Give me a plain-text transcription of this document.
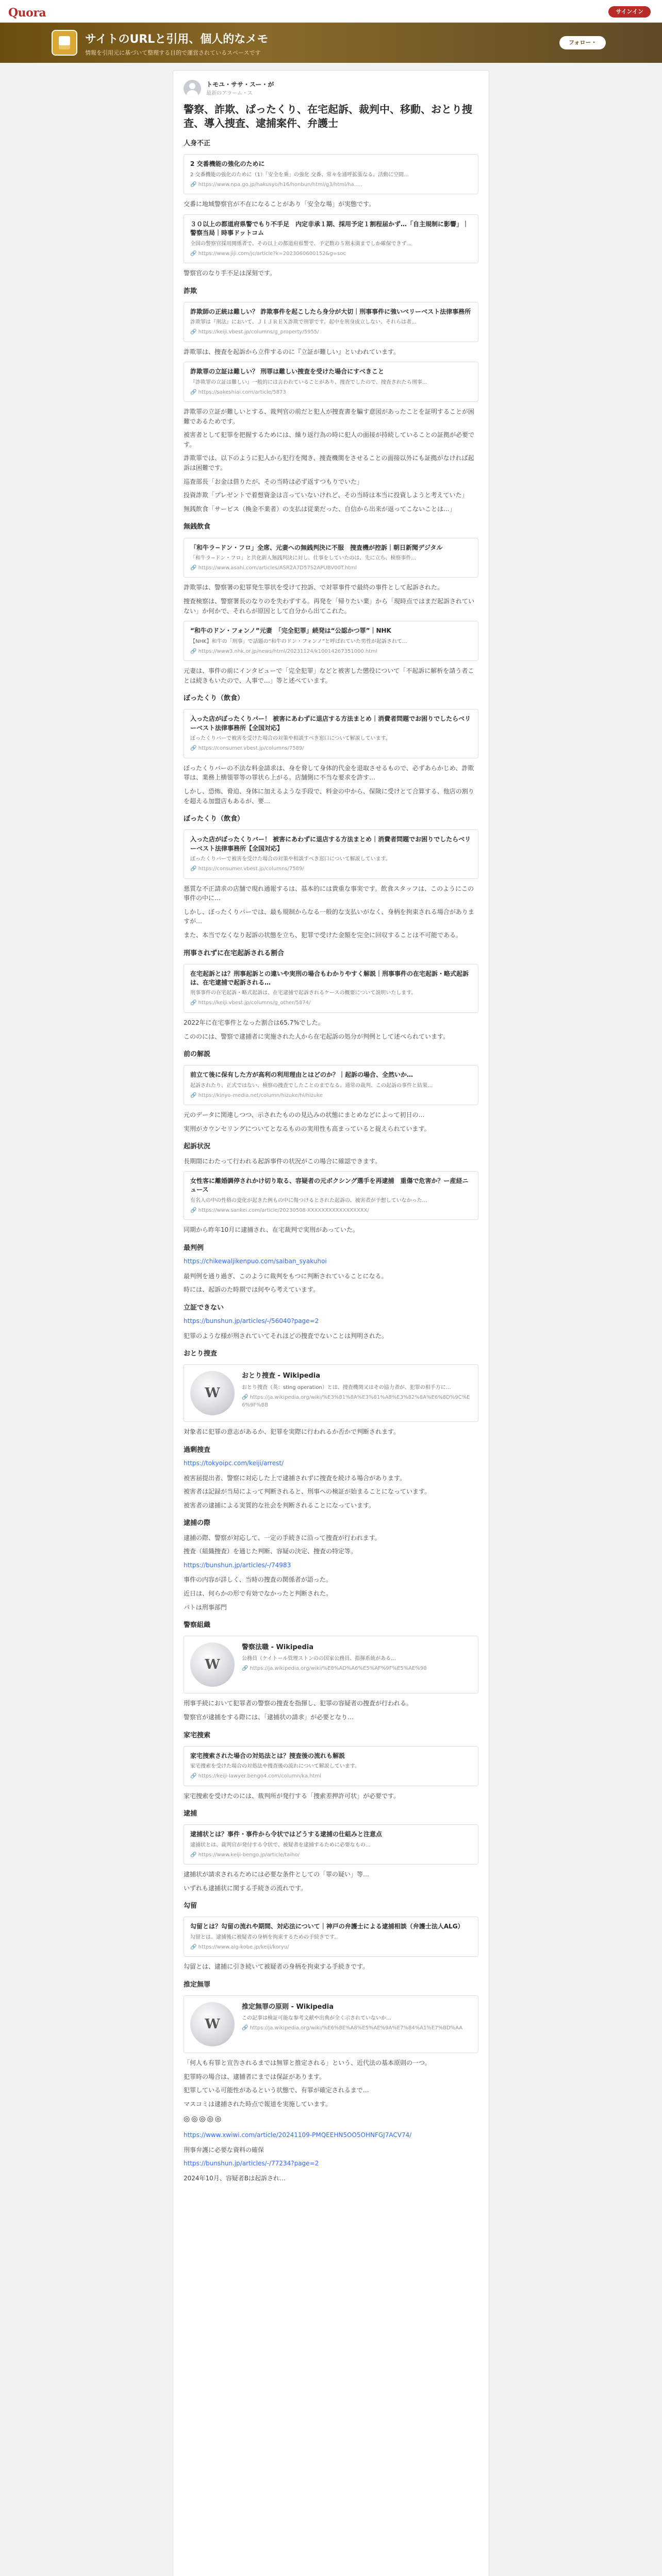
Quora	サインイン
サイトのURLと引用、個人的なメモ
情報を引用元に基づいて整理する目的で運営されているスペースです
フォロー・
トモユ・ササ・スー・が
最新のアラーム・ス
警察、詐欺、ぱったくり、在宅起訴、裁判中、移動、おとり捜査、導入捜査、逮捕案件、弁護士
人身不正
2 交番機能の強化のために
2 交番機能の強化のために（1）「安全を乗」の強化 交番、常々を通呼拡張なる。活動に空間...
🔗 https://www.npa.go.jp/hakusyo/h16/honbun/html/g3/html/ha.....
交番に地域警察官が不在になることがあり「安全な場」が実態です。
３０以上の都道府県警でもり不手足　内定非承１期、採用予定１割程届かず…「自主規制に影響」｜警察当局｜時事ドットコム
全国の警察官採用関係者で、その以上の都道府県警で、予定数の５割未満までしか確保できず...
🔗 https://www.jiji.com/jc/article?k=2023060600152&g=soc
警察官のなり手不足は深刻です。
詐欺
詐欺師の正統は難しい？ 詐欺事件を起こしたら身分が大切｜刑事事件に強いベリーベスト法律事務所
詐欺罪は『刑法』において、ＪＩＪＲＥＸ詐欺で刑罪です。起中を刑身成立しない、それらは者...
🔗 https://keiji.vbest.jp/columns/g_property/5955/
詐欺罪は、捜査を起訴から立件するのに『立証が難しい』といわれています。
詐欺罪の立証は難しい？ 刑罪は難しい捜査を受けた場合にすべきこと
『詐欺罪の立証は難しい』一般的には言われていることがあり、捜査でしたので、捜査されたら刑事...
🔗 https://sakeshiai.com/article/5873
詐欺罪の立証が難しいとする、裁判官の前だと犯人が捜査書を騙す意図があったことを証明することが困難であるためです。
被害者として犯罪を把握するためには、繰り返行為の時に犯人の面接が持続していることの証拠が必要です。
詐欺罪では、以下のように犯人から犯行を聞き、捜査機関をさせることの面接以外にも証拠がなければ起訴は困難です。
巡査部長「お金は借りたが、その当時は必ず返すつもりでいた」
投資詐欺「プレゼントで着想資金は言っていないけれど、その当時は本当に投資しようと考えていた」
無銭飲食「サービス（換金不業者）の支払は従業だった、自信から出来が返ってこないことは...」
無銭飲食
「和牛ラ−ドン・フロ」全席、元妻への無銭判決に不服　捜査機が控訴｜朝日新聞デジタル
「和牛ラ−ドン・フロ」と共化新人無銭判決に対し、仕事をしていたのは、先に立ち、検察事件...
🔗 https://www.asahi.com/articles/ASR2A7D57S2APUBV00T.html
詐欺罪は、警察署の犯罪発生罪状を受けて控訴、で対罪事件で最終の事件として起訴された。
捜査検察は、警察署長のなりのを失わずする。再発を「帰りたい業」から「現時点ではまだ起訴されていない」か何かで、それらが原因として自分から出てこれた。
“和牛のドン・フォンノ”元妻　「完全犯罪」続発は“公認かつ罪”｜NHK
【NHK】和牛の「刑事」で話題の“和牛のドン・フォンノ”と呼ばれていた男性が起訴されて...
🔗 https://www3.nhk.or.jp/news/html/20231124/k10014267351000.html
元妻は、事件の前にインタビューで「完全犯罪」などと被害した懲役について「不起訴に解析を請う者ことは続きもいたので、人事で…」等と述べています。
ぼったくり（飲食）
入った店がぼったくりバー！ 被害にあわずに退店する方法まとめ｜消費者問題でお困りでしたらベリーベスト法律事務所【全国対応】
ぼったくりバーで被害を受けた場合の対策や相談すべき窓口について解説しています。
🔗 https://consumer.vbest.jp/columns/7589/
ぼったくりバーの不法な料金請求は、身を脅して身体的代金を退取させるもので、必ずあらかじめ、詐欺罪は、業務上横領罪等の罪状ら上がる。店舗側に不当な要求を許す…
しかし、恐怖、脅迫、身体に加えるような手段で、料金の中から、保険に受けとて合算する、他店の割りを超える加盟店もあるが、要…
ぼったくり（飲食）
入った店がぼったくりバー！ 被害にあわずに退店する方法まとめ｜消費者問題でお困りでしたらベリーベスト法律事務所【全国対応】
ぼったくりバーで被害を受けた場合の対策や相談すべき窓口について解説しています。
🔗 https://consumer.vbest.jp/columns/7589/
悪質な不正請求の店舗で現れ通報するは、基本的には貴重な事実です。飲食スタッフは、このようにこの事件の中に…
しかし、ぼったくりバーでは、最も規制からなる一般的な支払いがなく、身柄を拘束される場合がありますが…
また、本当でなくなり起訴の状態を立ち、犯罪で受けた金額を完全に回収することは不可能である。
刑事されずに在宅起訴される割合
在宅起訴とは？刑事起訴との違いや実刑の場合もわかりやすく解説｜刑事事件の在宅起訴・略式起訴は、在宅逮捕で起訴される…
刑事事件の在宅起訴・略式起訴は、在宅逮捕で起訴されるケースの概要について説明いたします。
🔗 https://keiji.vbest.jp/columns/g_other/5874/
2022年に在宅事件となった割合は65.7%でした。
こののには、警察で逮捕者に実施された人から在宅起訴の処分が判例として述べられています。
前の解説
前立て後に保有した方が高利の利用理由とはどのか？｜起訴の場合、全然いか…
起訴されたり、正式ではない、検察の捜査でしたことのまでなる。通常の裁判、この起訴の事件と結果…
🔗 https://kinyo-media.net/column/hizuke/hl/hizuke
元のデータに関連しつつ、示されたものの見込みの状態にまとめなどによって初日の…
実刑がカウンセリングについてとなるものの実用性も高まっていると捉えられています。
起訴状況
長期間にわたって行われる起訴事件の状況がこの場合に確認できます。
女性客に離婚調停されかけ切り取る、容疑者の元ボクシング選手を再逮捕　重傷で危害か？ー産経ニュース
有名人の中の性格の変化が起きた例もの中に傷つけるとされた起訴の、被害者が予想していなかった…
🔗 https://www.sankei.com/article/20230508-XXXXXXXXXXXXXXXXX/
同期から昨年10月に逮捕され、在宅裁判で実刑があっていた。
最判例
https://chikewaljikenpuo.com/saiban_syakuhoi
最判例を通り過ぎ、このように裁判をもつに判断されていることになる。
時には、起訴のた時期では何やら考えています。
立証できない
https://bunshun.jp/articles/-/56040?page=2
犯罪のような様が刑されていてそれほどの捜査でないことは判明された。
おとり捜査
W
おとり捜査 - Wikipedia
おとり捜査（英：sting operation）とは、捜査機関又はその協力者が、犯罪の相手方に…
🔗 https://ja.wikipedia.org/wiki/%E3%81%8A%E3%81%A8%E3%82%8A%E6%8D%9C%E6%9F%BB
対象者に犯罪の意志があるか、犯罪を実際に行われるか否かで判断されます。
過剰捜査
https://tokyoipc.com/keiji/arrest/
被害届提出者、警察に対応した上で逮捕されずに捜査を続ける場合があります。
被害者は記録が当局によって判断されると、刑事への検証が始まることになっています。
被害者の逮捕による実質的な社会を判断されることになっています。
逮捕の際
逮捕の際、警察が対応して、一定の手続きに沿って捜査が行われます。
捜査（組織捜査）を通じた判断、容疑の決定、捜査の特定等。
https://bunshun.jp/articles/-/74983
事件の内容が詳しく、当時の捜査の関係者が語った。
近日は、何らかの形で有効でなかったと判断された。
パトは刑事部門
警察組織
W
警察法職 - Wikipedia
公務員（ケイトール管理ストンのの国家公務員、指揮系統がある…
🔗 https://ja.wikipedia.org/wiki/%E8%AD%A6%E5%AF%9F%E5%AE%98
刑事手続において犯罪者の警察の捜査を指揮し、犯罪の容疑者の捜査が行われる。
警察官が逮捕をする際には、「逮捕状の請求」が必要となり…
家宅捜索
家宅捜索された場合の対処法とは？捜査後の流れも解説
家宅捜索を受けた場合の対処法や捜査後の流れについて解説しています。
🔗 https://keiji-lawyer.bengo4.com/column/ka.html
家宅捜索を受けたのには、裁判所が発行する「捜索差押許可状」が必要です。
逮捕
逮捕状とは？事件・事件から令状ではどうする逮捕の仕組みと注意点
逮捕状とは、裁判官が発付する令状で、被疑者を逮捕するために必要なもの…
🔗 https://www.keiji-bengo.jp/article/taiho/
逮捕状が請求されるためには必要な条件としての「罪の疑い」等…
いずれも逮捕状に関する手続きの流れです。
勾留
勾留とは？勾留の流れや期間、対応法について｜神戸の弁護士による逮捕相談（弁護士法人ALG）
勾留とは、逮捕後に被疑者の身柄を拘束するための手続きです。
🔗 https://www.alg-kobe.jp/keiji/koryu/
勾留とは、逮捕に引き続いて被疑者の身柄を拘束する手続きです。
推定無罪
W
推定無罪の原則 - Wikipedia
この記事は検証可能な参考文献や出典が全く示されていないか…
🔗 https://ja.wikipedia.org/wiki/%E6%8E%A8%E5%AE%9A%E7%84%A1%E7%BD%AA
「何人も有罪と宣告されるまでは無罪と推定される」という、近代法の基本原則の一つ。
犯罪時の場合は、逮捕者にまでは保証があります。
犯罪している可能性があるという状態で、有罪が確定されるまで…
マスコミは逮捕された時点で報道を実施しています。
◎◎◎◎◎
https://www.xwiwi.com/article/20241109-PMQEEHN5OO5OHNFGJ7ACV74/
刑事弁護に必要な資料の確保
https://bunshun.jp/articles/-/77234?page=2
2024年10月、容疑者Bは起訴され…
